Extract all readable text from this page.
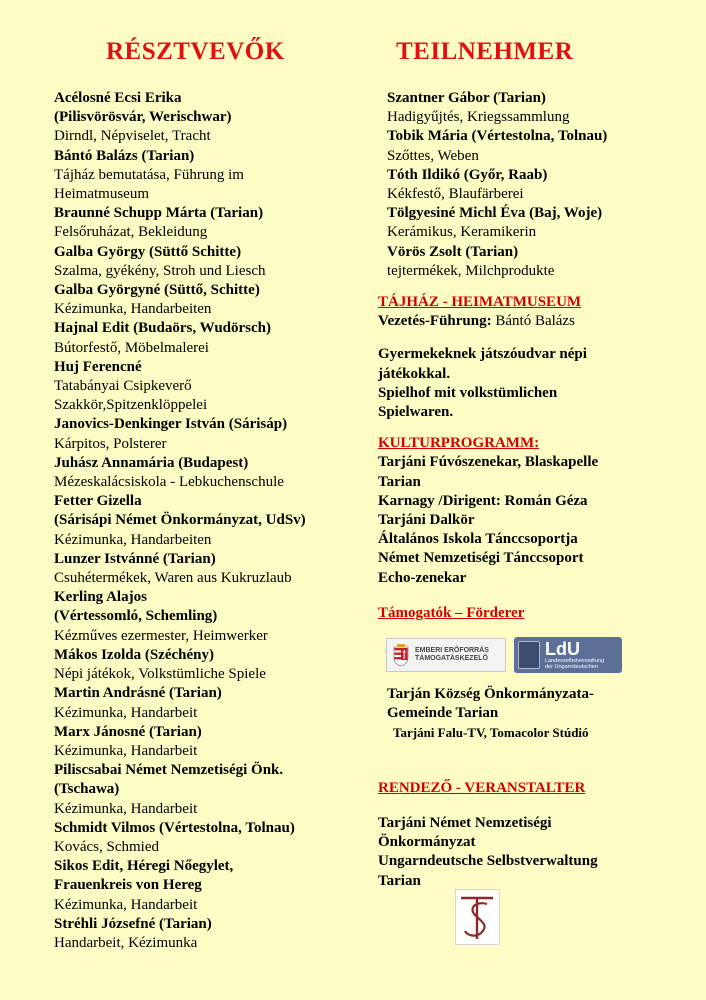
RÉSZTVEVŐK	TEILNEHMER
Acélosné Ecsi Erika
(Pilisvörösvár, Werischwar)
Dirndl, Népviselet, Tracht
Bántó Balázs (Tarian)
Tájház bemutatása, Führung im
Heimatmuseum
Braunné Schupp Márta (Tarian)
Felsőruházat, Bekleidung
Galba György (Süttő Schitte)
Szalma, gyékény, Stroh und Liesch
Galba Györgyné (Süttő, Schitte)
Kézimunka, Handarbeiten
Hajnal Edit (Budaörs, Wudörsch)
Bútorfestő, Möbelmalerei
Huj Ferencné
Tatabányai Csipkeverő
Szakkör,Spitzenklöppelei
Janovics-Denkinger István (Sárisáp)
Kárpitos, Polsterer
Juhász Annamária (Budapest)
Mézeskalácsiskola - Lebkuchenschule
Fetter Gizella
(Sárisápi Német Önkormányzat, UdSv)
Kézimunka, Handarbeiten
Lunzer Istvánné (Tarian)
Csuhétermékek, Waren aus Kukruzlaub
Kerling Alajos
(Vértessomló, Schemling)
Kézműves ezermester, Heimwerker
Mákos Izolda (Széchény)
Népi játékok, Volkstümliche Spiele
Martin Andrásné (Tarian)
Kézimunka, Handarbeit
Marx Jánosné (Tarian)
Kézimunka, Handarbeit
Piliscsabai Német Nemzetiségi Önk.
(Tschawa)
Kézimunka, Handarbeit
Schmidt Vilmos (Vértestolna, Tolnau)
Kovács, Schmied
Sikos Edit, Héregi Nőegylet,
Frauenkreis von Hereg
Kézimunka, Handarbeit
Stréhli Józsefné (Tarian)
Handarbeit, Kézimunka
Szantner Gábor (Tarian)
Hadigyűjtés, Kriegssammlung
Tobik Mária (Vértestolna, Tolnau)
Szőttes, Weben
Tóth Ildikó (Győr, Raab)
Kékfestő, Blaufärberei
Tölgyesiné Michl Éva (Baj, Woje)
Kerámikus, Keramikerin
Vörös Zsolt (Tarian)
tejtermékek, Milchprodukte
TÁJHÁZ - HEIMATMUSEUM
Vezetés-Führung: Bántó Balázs
Gyermekeknek játszóudvar népi
játékokkal.
Spielhof mit volkstümlichen
Spielwaren.
KULTURPROGRAMM:
Tarjáni Fúvószenekar, Blaskapelle
Tarian
Karnagy /Dirigent: Román Géza
Tarjáni Dalkör
Általános Iskola Tánccsoportja
Német Nemzetiségi Tánccsoport
Echo-zenekar
Támogatók – Förderer
EMBERI ERŐFORRÁS
TÁMOGATÁSKEZELŐ	LdU
Landesselbstverwaltung
der Ungarndeutschen
Tarján Község Önkormányzata-
Gemeinde Tarian
Tarjáni Falu-TV, Tomacolor Stúdió
RENDEZŐ - VERANSTALTER
Tarjáni Német Nemzetiségi
Önkormányzat
Ungarndeutsche Selbstverwaltung
Tarian
